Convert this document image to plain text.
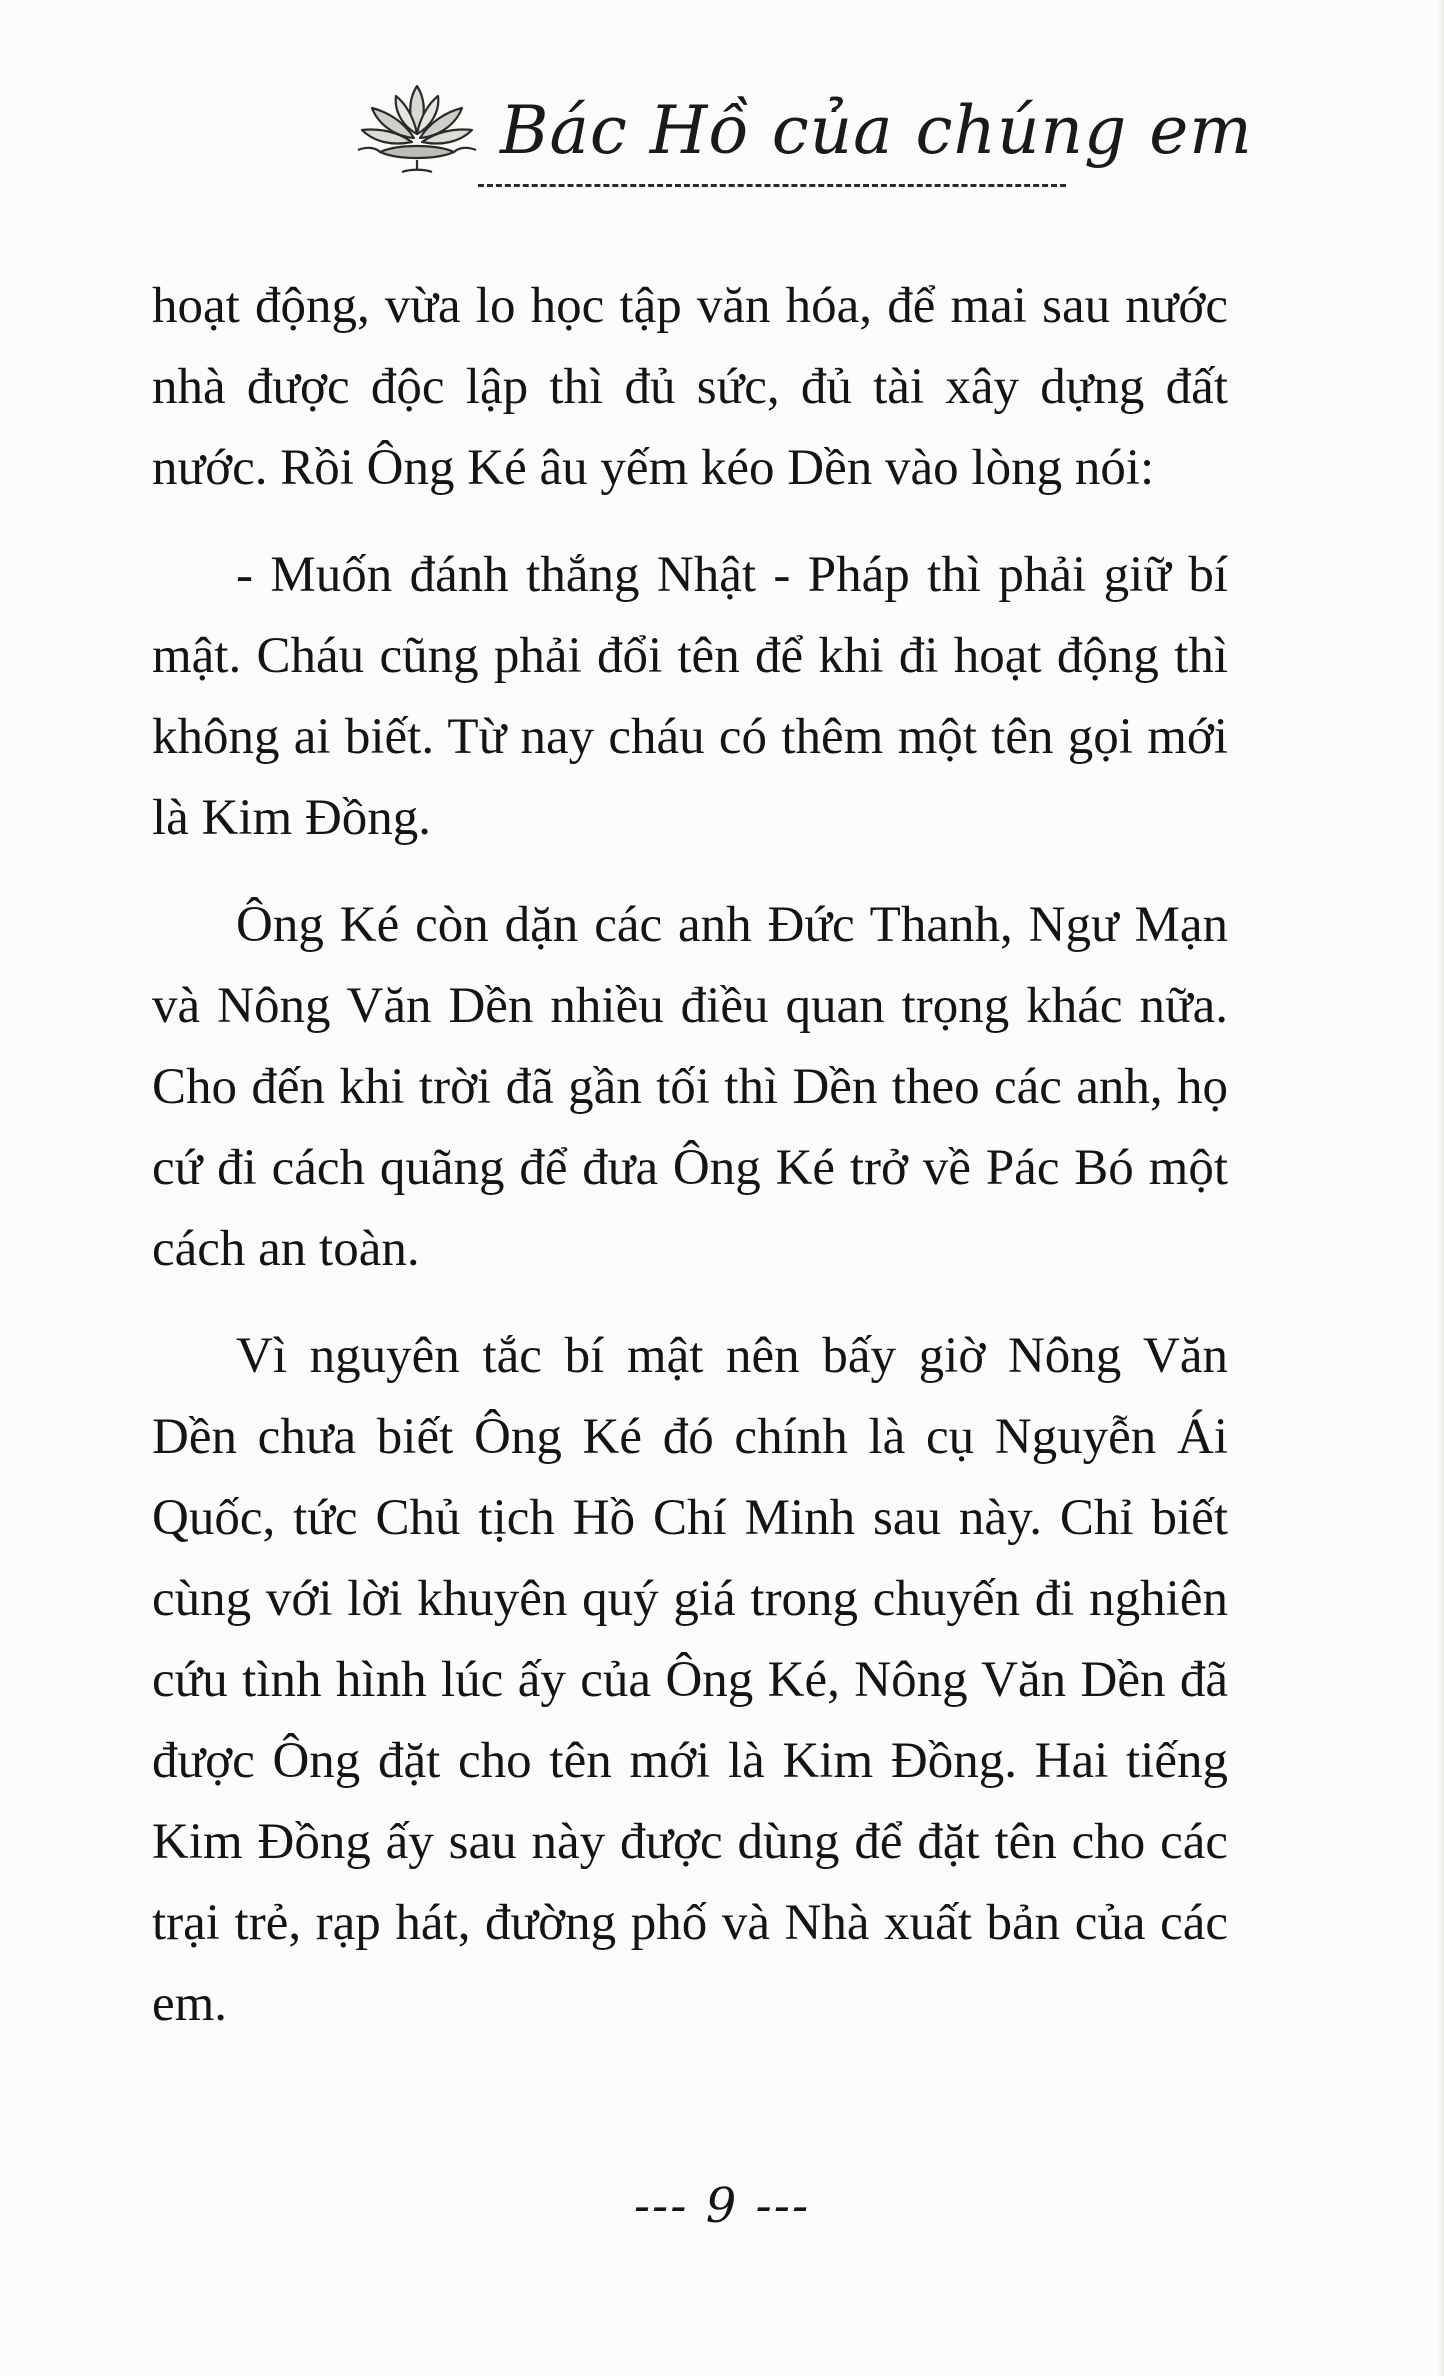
Bác Hồ của chúng em

hoạt động, vừa lo học tập văn hóa, để mai sau nước nhà được độc lập thì đủ sức, đủ tài xây dựng đất nước. Rồi Ông Ké âu yếm kéo Dền vào lòng nói:

- Muốn đánh thắng Nhật - Pháp thì phải giữ bí mật. Cháu cũng phải đổi tên để khi đi hoạt động thì không ai biết. Từ nay cháu có thêm một tên gọi mới là Kim Đồng.

Ông Ké còn dặn các anh Đức Thanh, Ngư Mạn và Nông Văn Dền nhiều điều quan trọng khác nữa. Cho đến khi trời đã gần tối thì Dền theo các anh, họ cứ đi cách quãng để đưa Ông Ké trở về Pác Bó một cách an toàn.

Vì nguyên tắc bí mật nên bấy giờ Nông Văn Dền chưa biết Ông Ké đó chính là cụ Nguyễn Ái Quốc, tức Chủ tịch Hồ Chí Minh sau này. Chỉ biết cùng với lời khuyên quý giá trong chuyến đi nghiên cứu tình hình lúc ấy của Ông Ké, Nông Văn Dền đã được Ông đặt cho tên mới là Kim Đồng. Hai tiếng Kim Đồng ấy sau này được dùng để đặt tên cho các trại trẻ, rạp hát, đường phố và Nhà xuất bản của các em.

--- 9 ---
